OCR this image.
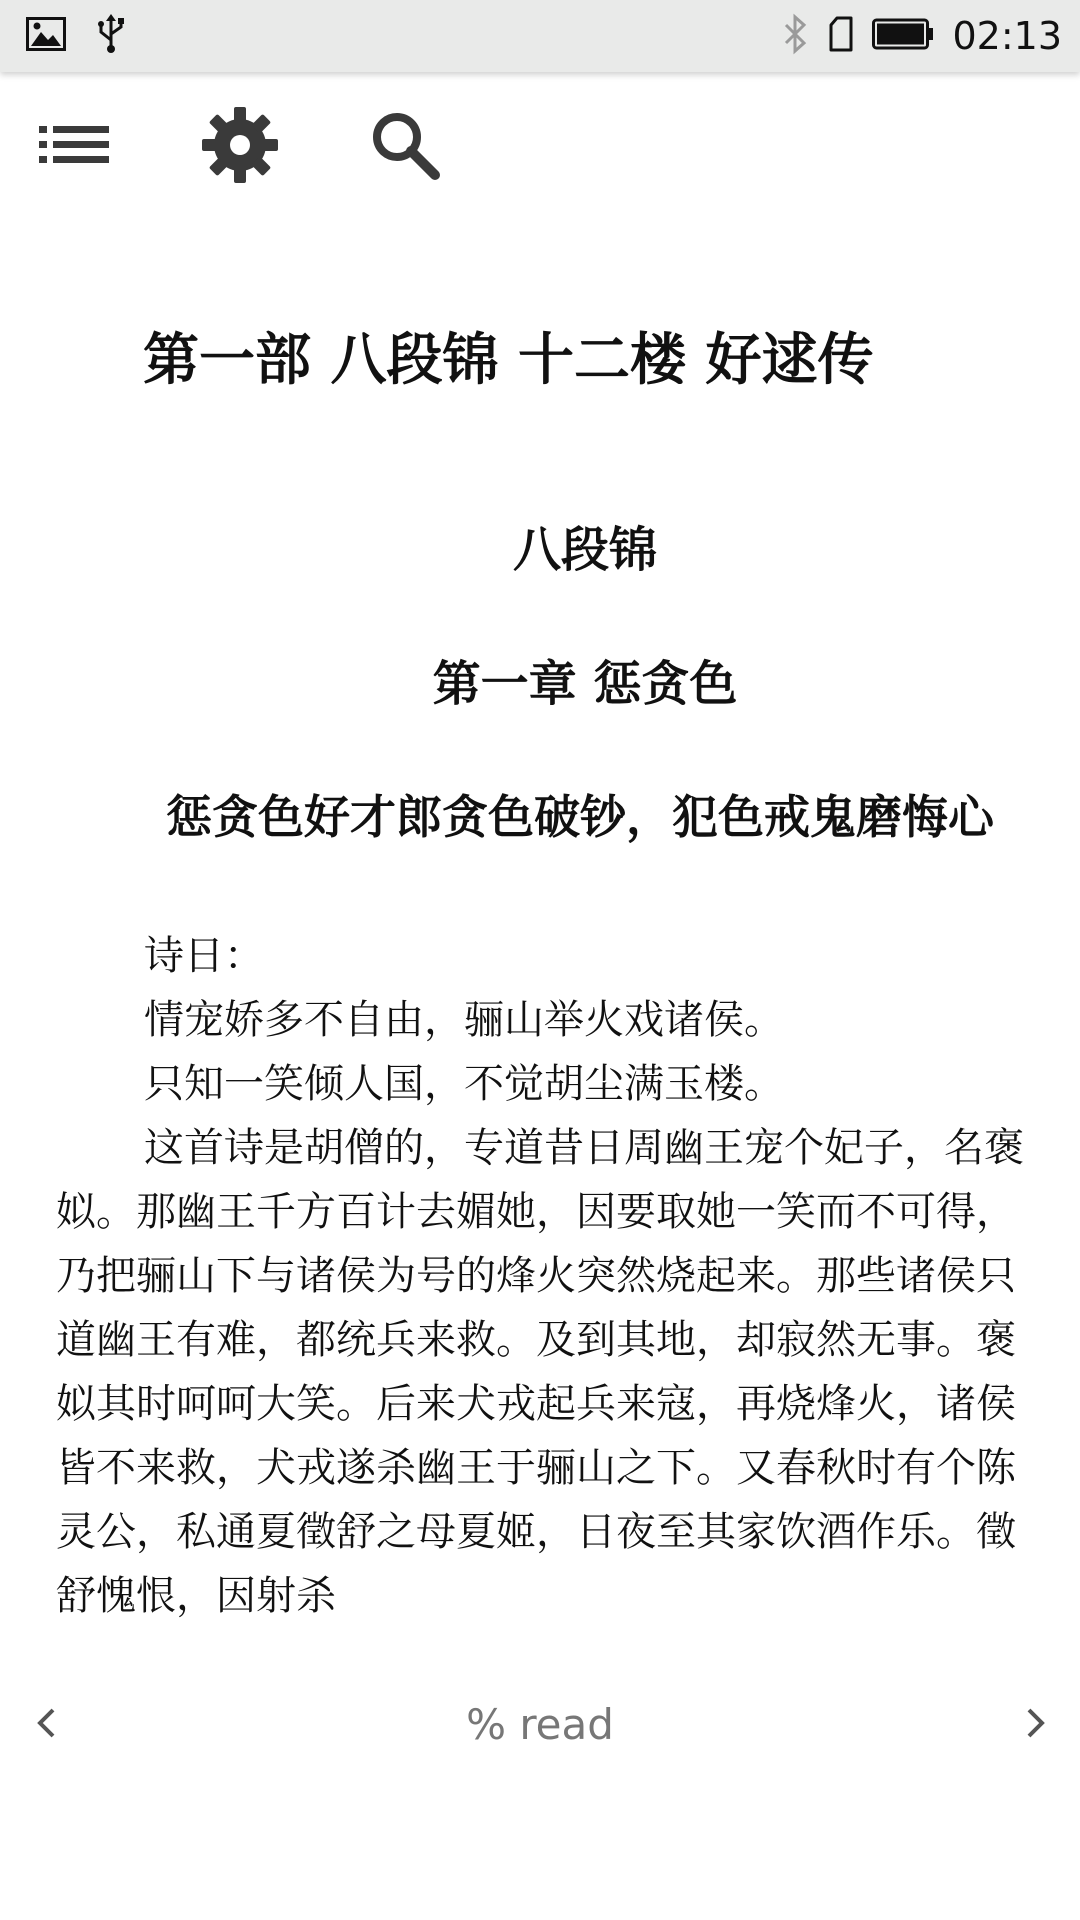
02:13
第一部 八段锦 十二楼 好逑传
八段锦
第一章 惩贪色
惩贪色好才郎贪色破钞，犯色戒鬼磨悔心

诗日：

情宠娇多不自由，骊山举火戏诸侯。

只知一笑倾人国，不觉胡尘满玉楼。

这首诗是胡僧的，专道昔日周幽王宠个妃子，名褒姒。那幽王千方百计去媚她，因要取她一笑而不可得，乃把骊山下与诸侯为号的烽火突然烧起来。那些诸侯只道幽王有难，都统兵来救。及到其地，却寂然无事。褒姒其时呵呵大笑。后来犬戎起兵来寇，再烧烽火，诸侯皆不来救，犬戎遂杀幽王于骊山之下。又春秋时有个陈灵公，私通夏徵舒之母夏姬，日夜至其家饮酒作乐。徵舒愧恨，因射杀

% read
